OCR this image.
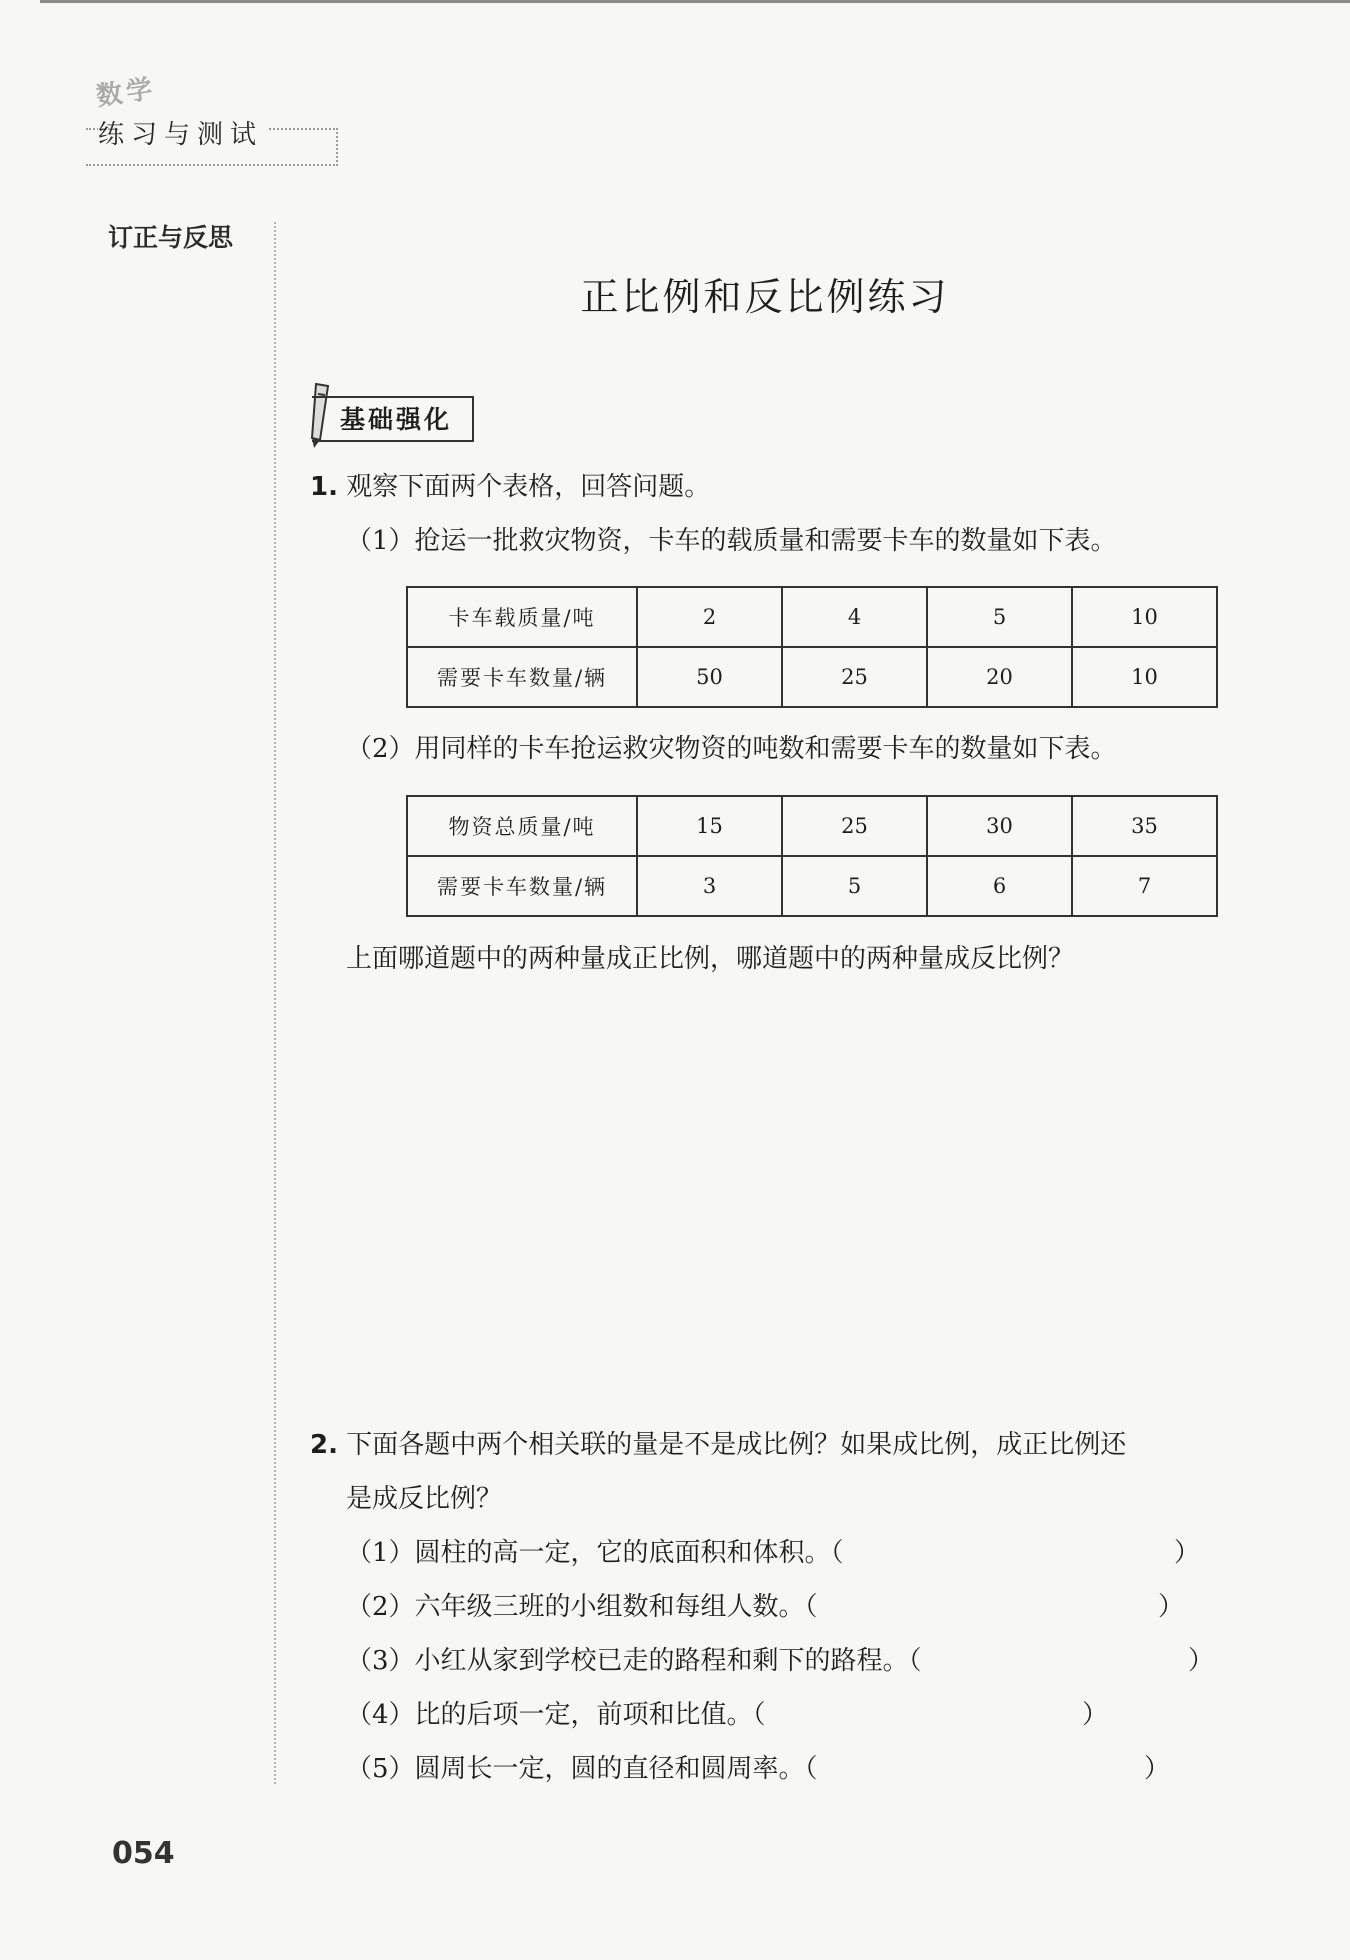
数学
练习与测试
订正与反思
正比例和反比例练习
基础强化
1. 观察下面两个表格，回答问题。
（1）抢运一批救灾物资，卡车的载质量和需要卡车的数量如下表。
卡车载质量/吨	2	4	5	10
需要卡车数量/辆	50	25	20	10
（2）用同样的卡车抢运救灾物资的吨数和需要卡车的数量如下表。
物资总质量/吨	15	25	30	35
需要卡车数量/辆	3	5	6	7
上面哪道题中的两种量成正比例，哪道题中的两种量成反比例？
2. 下面各题中两个相关联的量是不是成比例？如果成比例，成正比例还
是成反比例？
（1）圆柱的高一定，它的底面积和体积。（	）
（2）六年级三班的小组数和每组人数。（	）
（3）小红从家到学校已走的路程和剩下的路程。（	）
（4）比的后项一定，前项和比值。（	）
（5）圆周长一定，圆的直径和圆周率。（	）
054
